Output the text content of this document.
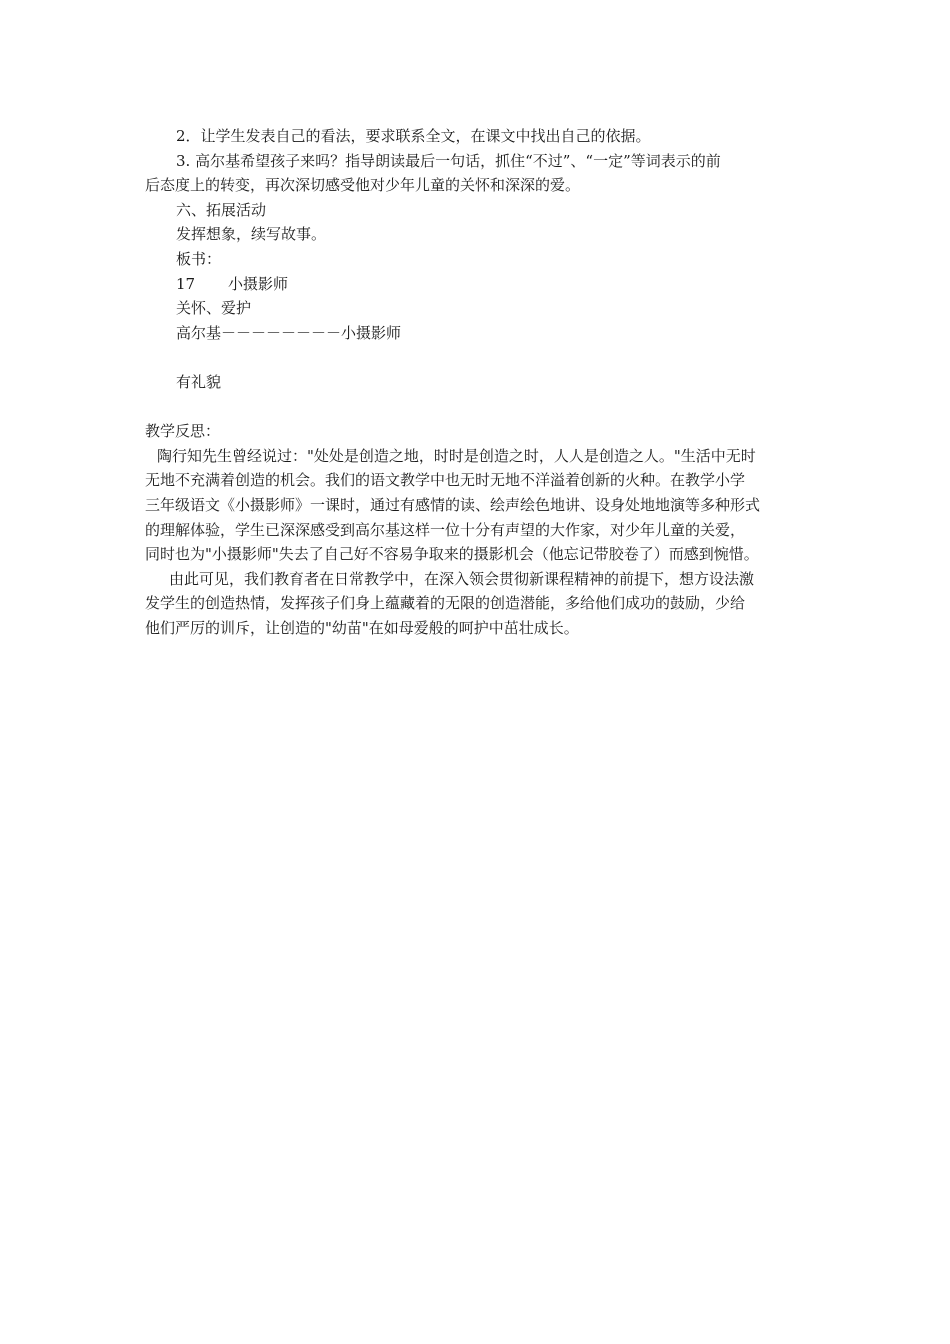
2．让学生发表自己的看法，要求联系全文，在课文中找出自己的依据。
3. 高尔基希望孩子来吗？指导朗读最后一句话，抓住“不过”、“一定”等词表示的前
后态度上的转变，再次深切感受他对少年儿童的关怀和深深的爱。
六、拓展活动
发挥想象，续写故事。
板书：
17 小摄影师
关怀、爱护
高尔基－－－－－－－－小摄影师
有礼貌
教学反思：
陶行知先生曾经说过："处处是创造之地，时时是创造之时，人人是创造之人。"生活中无时
无地不充满着创造的机会。我们的语文教学中也无时无地不洋溢着创新的火种。在教学小学
三年级语文《小摄影师》一课时，通过有感情的读、绘声绘色地讲、设身处地地演等多种形式
的理解体验，学生已深深感受到高尔基这样一位十分有声望的大作家，对少年儿童的关爱，
同时也为"小摄影师"失去了自己好不容易争取来的摄影机会（他忘记带胶卷了）而感到惋惜。
由此可见，我们教育者在日常教学中，在深入领会贯彻新课程精神的前提下，想方设法激
发学生的创造热情，发挥孩子们身上蕴藏着的无限的创造潜能，多给他们成功的鼓励，少给
他们严厉的训斥，让创造的"幼苗"在如母爱般的呵护中茁壮成长。
